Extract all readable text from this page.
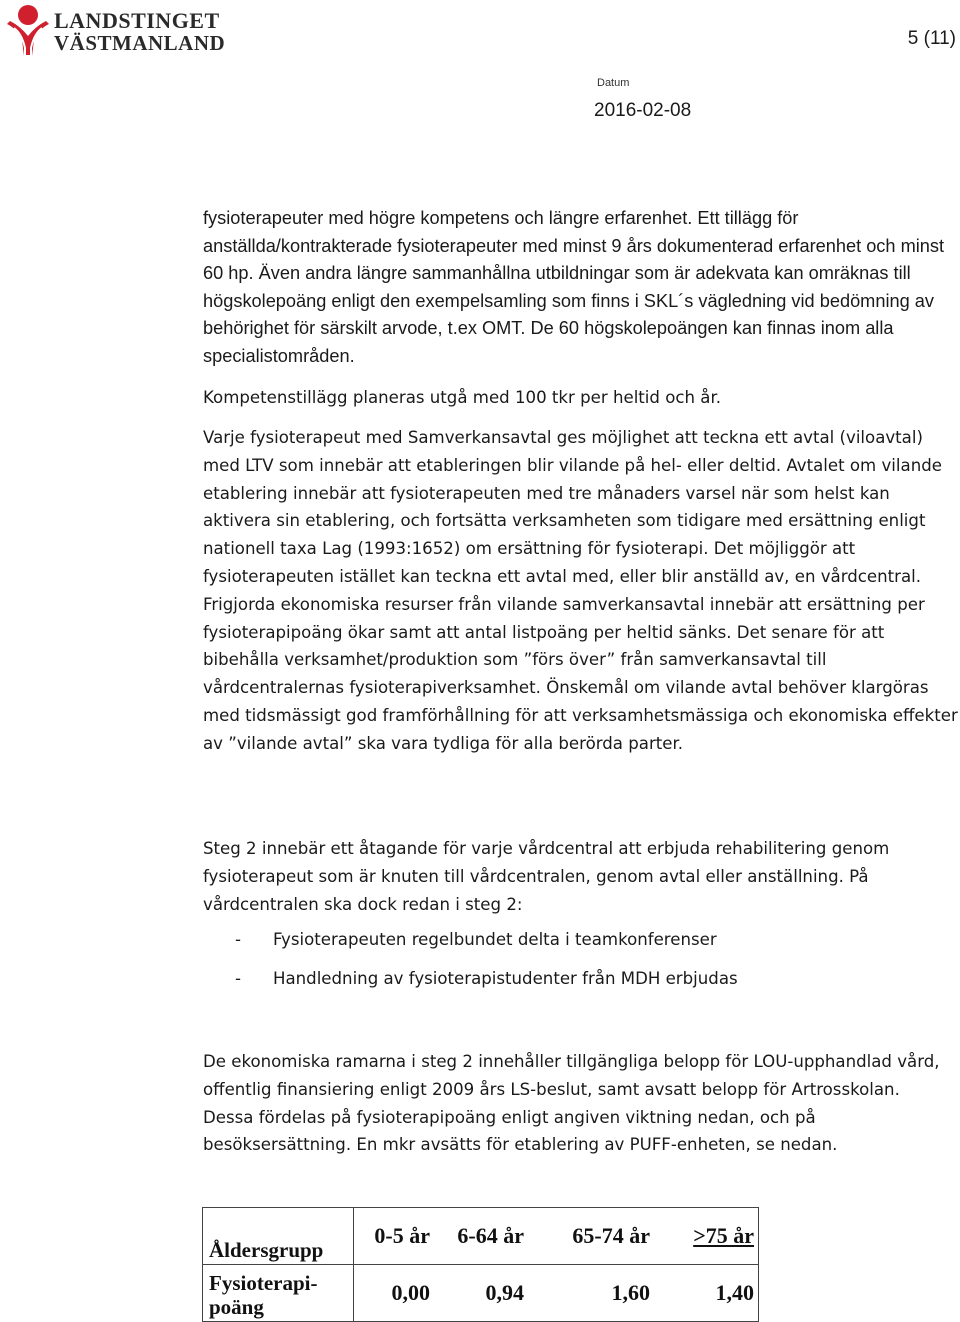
LANDSTINGET
VÄSTMANLAND	5 (11)
Datum
2016-02-08

fysioterapeuter med högre kompetens och längre erfarenhet. Ett tillägg för anställda/kontrakterade fysioterapeuter med minst 9 års dokumenterad erfarenhet och minst 60 hp. Även andra längre sammanhållna utbildningar som är adekvata kan omräknas till högskolepoäng enligt den exempelsamling som finns i SKL´s vägledning vid bedömning av behörighet för särskilt arvode, t.ex OMT. De 60 högskolepoängen kan finnas inom alla specialistområden.

Kompetenstillägg planeras utgå med 100 tkr per heltid och år.

Varje fysioterapeut med Samverkansavtal ges möjlighet att teckna ett avtal (viloavtal) med LTV som innebär att etableringen blir vilande på hel- eller deltid. Avtalet om vilande etablering innebär att fysioterapeuten med tre månaders varsel när som helst kan aktivera sin etablering, och fortsätta verksamheten som tidigare med ersättning enligt nationell taxa Lag (1993:1652) om ersättning för fysioterapi. Det möjliggör att fysioterapeuten istället kan teckna ett avtal med, eller blir anställd av, en vårdcentral. Frigjorda ekonomiska resurser från vilande samverkansavtal innebär att ersättning per fysioterapipoäng ökar samt att antal listpoäng per heltid sänks. Det senare för att bibehålla verksamhet/produktion som ”förs över” från samverkansavtal till vårdcentralernas fysioterapiverksamhet. Önskemål om vilande avtal behöver klargöras med tidsmässigt god framförhållning för att verksamhetsmässiga och ekonomiska effekter av ”vilande avtal” ska vara tydliga för alla berörda parter.

Steg 2 innebär ett åtagande för varje vårdcentral att erbjuda rehabilitering genom fysioterapeut som är knuten till vårdcentralen, genom avtal eller anställning. På vårdcentralen ska dock redan i steg 2:

- Fysioterapeuten regelbundet delta i teamkonferenser
- Handledning av fysioterapistudenter från MDH erbjudas

De ekonomiska ramarna i steg 2 innehåller tillgängliga belopp för LOU-upphandlad vård, offentlig finansiering enligt 2009 års LS-beslut, samt avsatt belopp för Artrosskolan. Dessa fördelas på fysioterapipoäng enligt angiven viktning nedan, och på besöksersättning. En mkr avsätts för etablering av PUFF-enheten, se nedan.

Åldersgrupp	0-5 år	6-64 år	65-74 år	>75 år
Fysioterapi-poäng	0,00	0,94	1,60	1,40
